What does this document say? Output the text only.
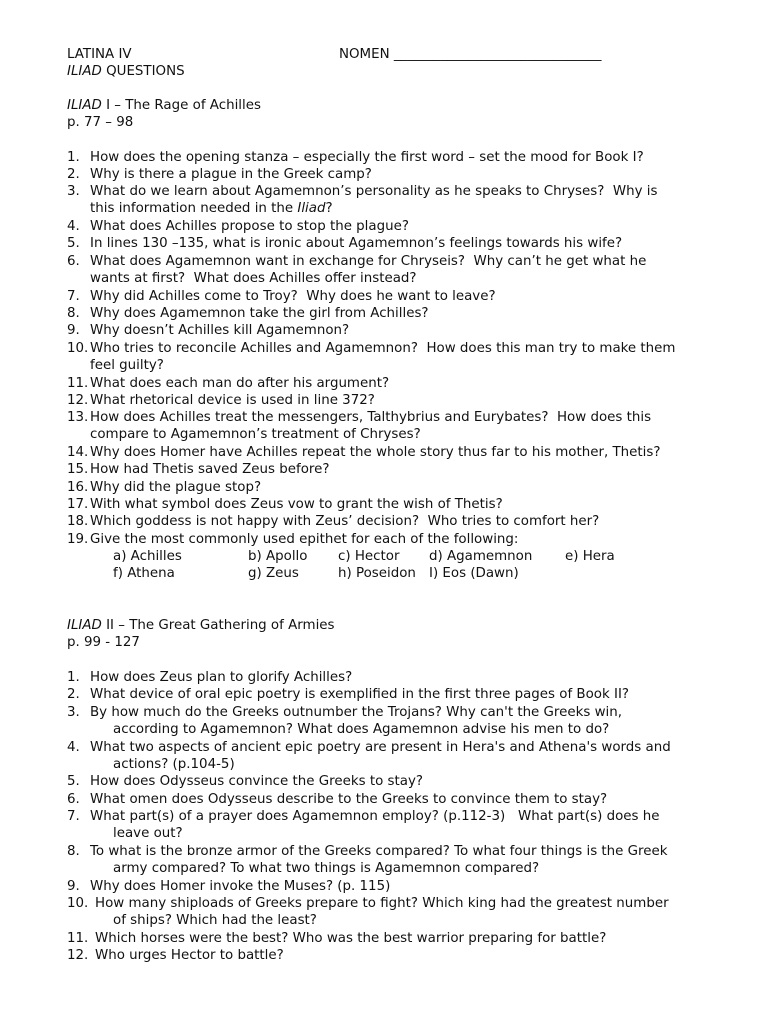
LATINA IV	NOMEN _______________________________
ILIAD QUESTIONS
ILIAD I – The Rage of Achilles
p. 77 – 98
1. How does the opening stanza – especially the first word – set the mood for Book I?
2. Why is there a plague in the Greek camp?
3. What do we learn about Agamemnon’s personality as he speaks to Chryses?  Why is
this information needed in the Iliad?
4. What does Achilles propose to stop the plague?
5. In lines 130 –135, what is ironic about Agamemnon’s feelings towards his wife?
6. What does Agamemnon want in exchange for Chryseis?  Why can’t he get what he
wants at first?  What does Achilles offer instead?
7. Why did Achilles come to Troy?  Why does he want to leave?
8. Why does Agamemnon take the girl from Achilles?
9. Why doesn’t Achilles kill Agamemnon?
10. Who tries to reconcile Achilles and Agamemnon?  How does this man try to make them
feel guilty?
11. What does each man do after his argument?
12. What rhetorical device is used in line 372?
13. How does Achilles treat the messengers, Talthybrius and Eurybates?  How does this
compare to Agamemnon’s treatment of Chryses?
14. Why does Homer have Achilles repeat the whole story thus far to his mother, Thetis?
15. How had Thetis saved Zeus before?
16. Why did the plague stop?
17. With what symbol does Zeus vow to grant the wish of Thetis?
18. Which goddess is not happy with Zeus’ decision?  Who tries to comfort her?
19. Give the most commonly used epithet for each of the following:
a) Achilles	b) Apollo c) Hector d) Agamemnon e) Hera
f) Athena	g) Zeus	h) Poseidon I) Eos (Dawn)
ILIAD II – The Great Gathering of Armies
p. 99 - 127
1. How does Zeus plan to glorify Achilles?
2. What device of oral epic poetry is exemplified in the first three pages of Book II?
3. By how much do the Greeks outnumber the Trojans? Why can't the Greeks win,
according to Agamemnon? What does Agamemnon advise his men to do?
4. What two aspects of ancient epic poetry are present in Hera's and Athena's words and
actions? (p.104-5)
5. How does Odysseus convince the Greeks to stay?
6. What omen does Odysseus describe to the Greeks to convince them to stay?
7. What part(s) of a prayer does Agamemnon employ? (p.112-3)   What part(s) does he
leave out?
8. To what is the bronze armor of the Greeks compared? To what four things is the Greek
army compared? To what two things is Agamemnon compared?
9. Why does Homer invoke the Muses? (p. 115)
10. How many shiploads of Greeks prepare to fight? Which king had the greatest number
of ships? Which had the least?
11. Which horses were the best? Who was the best warrior preparing for battle?
12. Who urges Hector to battle?
